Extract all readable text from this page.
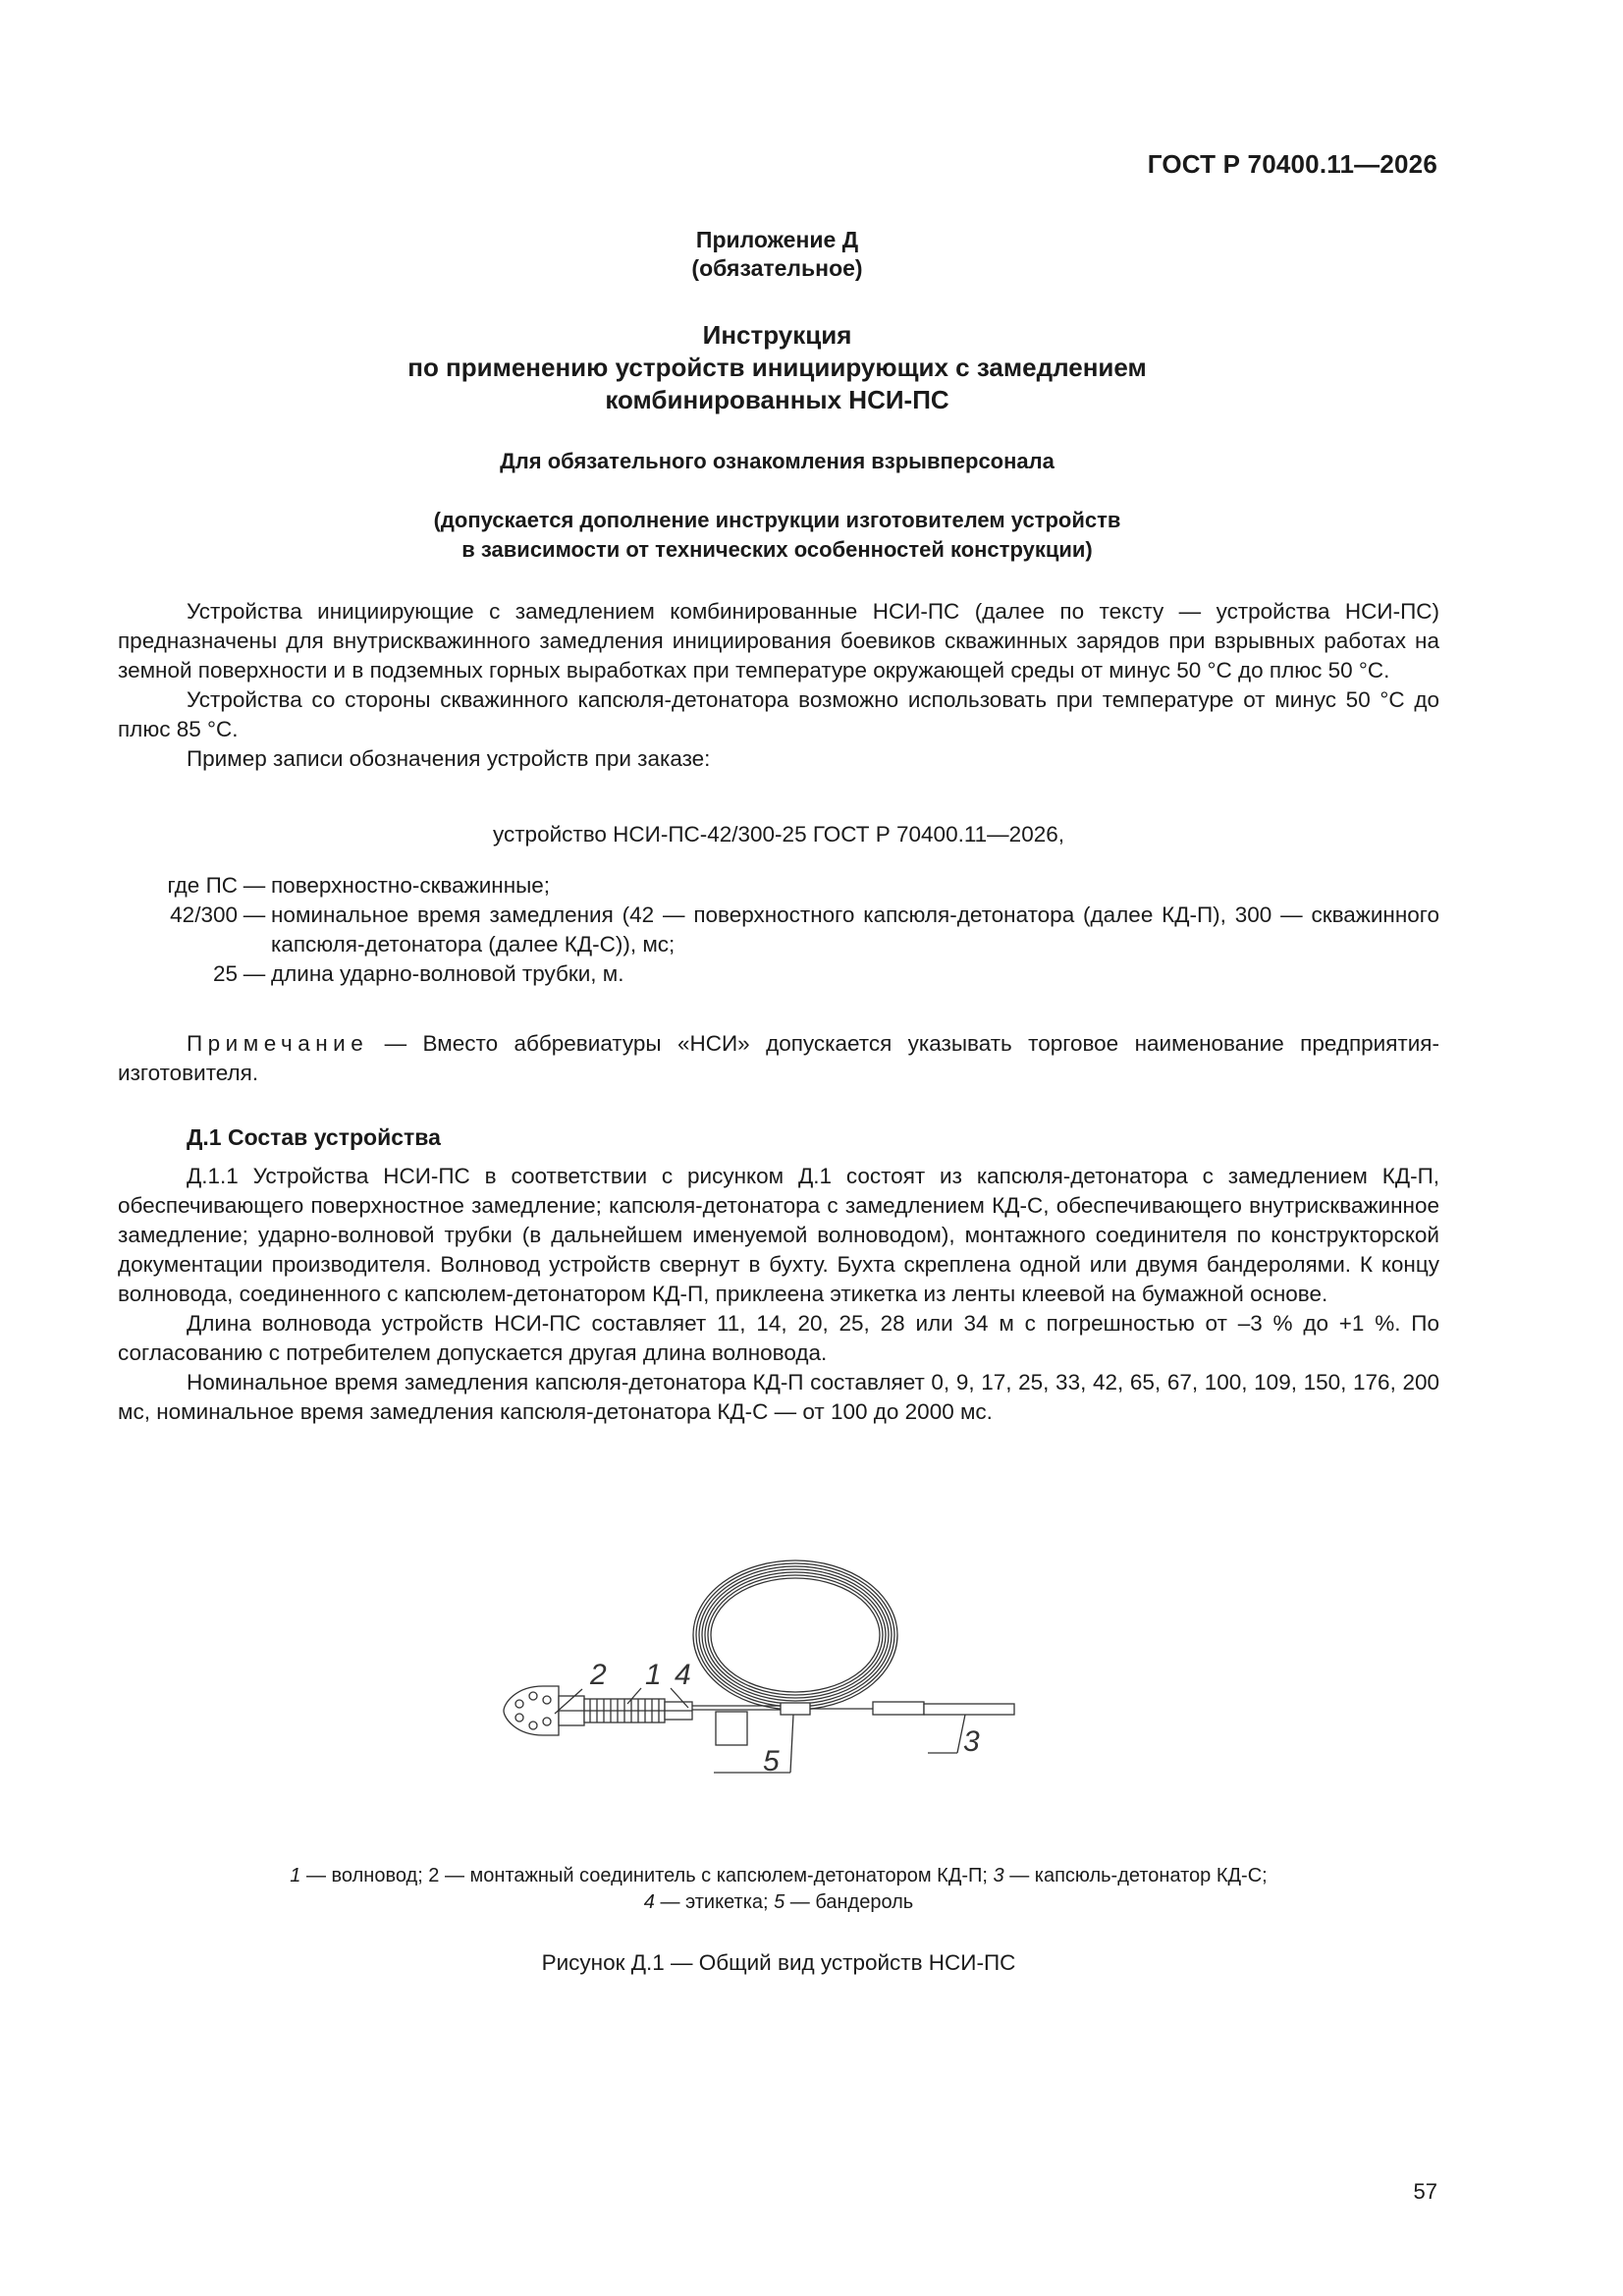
ГОСТ Р 70400.11—2026
Приложение Д
(обязательное)
Инструкция
по применению устройств инициирующих с замедлением
комбинированных НСИ-ПС
Для обязательного ознакомления взрывперсонала
(допускается дополнение инструкции изготовителем устройств
в зависимости от технических особенностей конструкции)

Устройства инициирующие с замедлением комбинированные НСИ-ПС (далее по тексту — устройства НСИ-ПС) предназначены для внутрискважинного замедления инициирования боевиков скважинных зарядов при взрывных работах на земной поверхности и в подземных горных выработках при температуре окружающей среды от минус 50 °С до плюс 50 °С.

Устройства со стороны скважинного капсюля-детонатора возможно использовать при температуре от минус 50 °С до плюс 85 °С.

Пример записи обозначения устройств при заказе:

устройство НСИ-ПС-42/300-25 ГОСТ Р 70400.11—2026,
где ПС — поверхностно-скважинные;
42/300 — номинальное время замедления (42 — поверхностного капсюля-детонатора (далее КД-П), 300 — скважинного капсюля-детонатора (далее КД-С)), мс;
25 — длина ударно-волновой трубки, м.

Примечание — Вместо аббревиатуры «НСИ» допускается указывать торговое наименование предприятия-изготовителя.

Д.1 Состав устройства

Д.1.1 Устройства НСИ-ПС в соответствии с рисунком Д.1 состоят из капсюля-детонатора с замедлением КД-П, обеспечивающего поверхностное замедление; капсюля-детонатора с замедлением КД-С, обеспечивающего внутрискважинное замедление; ударно-волновой трубки (в дальнейшем именуемой волноводом), монтажного соединителя по конструкторской документации производителя. Волновод устройств свернут в бухту. Бухта скреплена одной или двумя бандеролями. К концу волновода, соединенного с капсюлем-детонатором КД-П, приклеена этикетка из ленты клеевой на бумажной основе.

Длина волновода устройств НСИ-ПС составляет 11, 14, 20, 25, 28 или 34 м с погрешностью от –3 % до +1 %. По согласованию с потребителем допускается другая длина волновода.

Номинальное время замедления капсюля-детонатора КД-П составляет 0, 9, 17, 25, 33, 42, 65, 67, 100, 109, 150, 176, 200 мс, номинальное время замедления капсюля-детонатора КД-С — от 100 до 2000 мс.

2 1 4
5
3
1 — волновод; 2 — монтажный соединитель с капсюлем-детонатором КД-П; 3 — капсюль-детонатор КД-С;
4 — этикетка; 5 — бандероль
Рисунок Д.1 — Общий вид устройств НСИ-ПС
57
